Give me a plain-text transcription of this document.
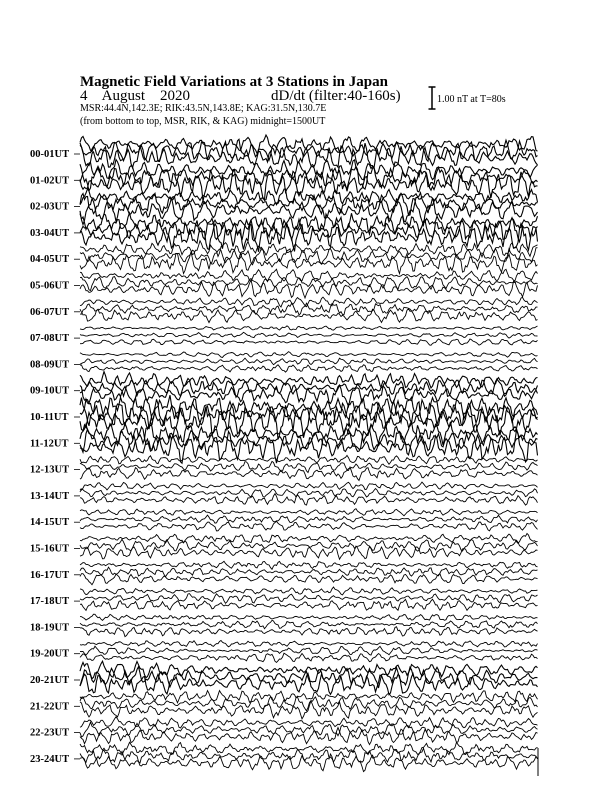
Magnetic Field Variations at 3 Stations in Japan
4    August    2020	dD/dt (filter:40-160s)
MSR:44.4N,142.3E; RIK:43.5N,143.8E; KAG:31.5N,130.7E
(from bottom to top, MSR, RIK, & KAG) midnight=1500UT
1.00 nT at T=80s
00-01UT
01-02UT
02-03UT
03-04UT
04-05UT
05-06UT
06-07UT
07-08UT
08-09UT
09-10UT
10-11UT
11-12UT
12-13UT
13-14UT
14-15UT
15-16UT
16-17UT
17-18UT
18-19UT
19-20UT
20-21UT
21-22UT
22-23UT
23-24UT
